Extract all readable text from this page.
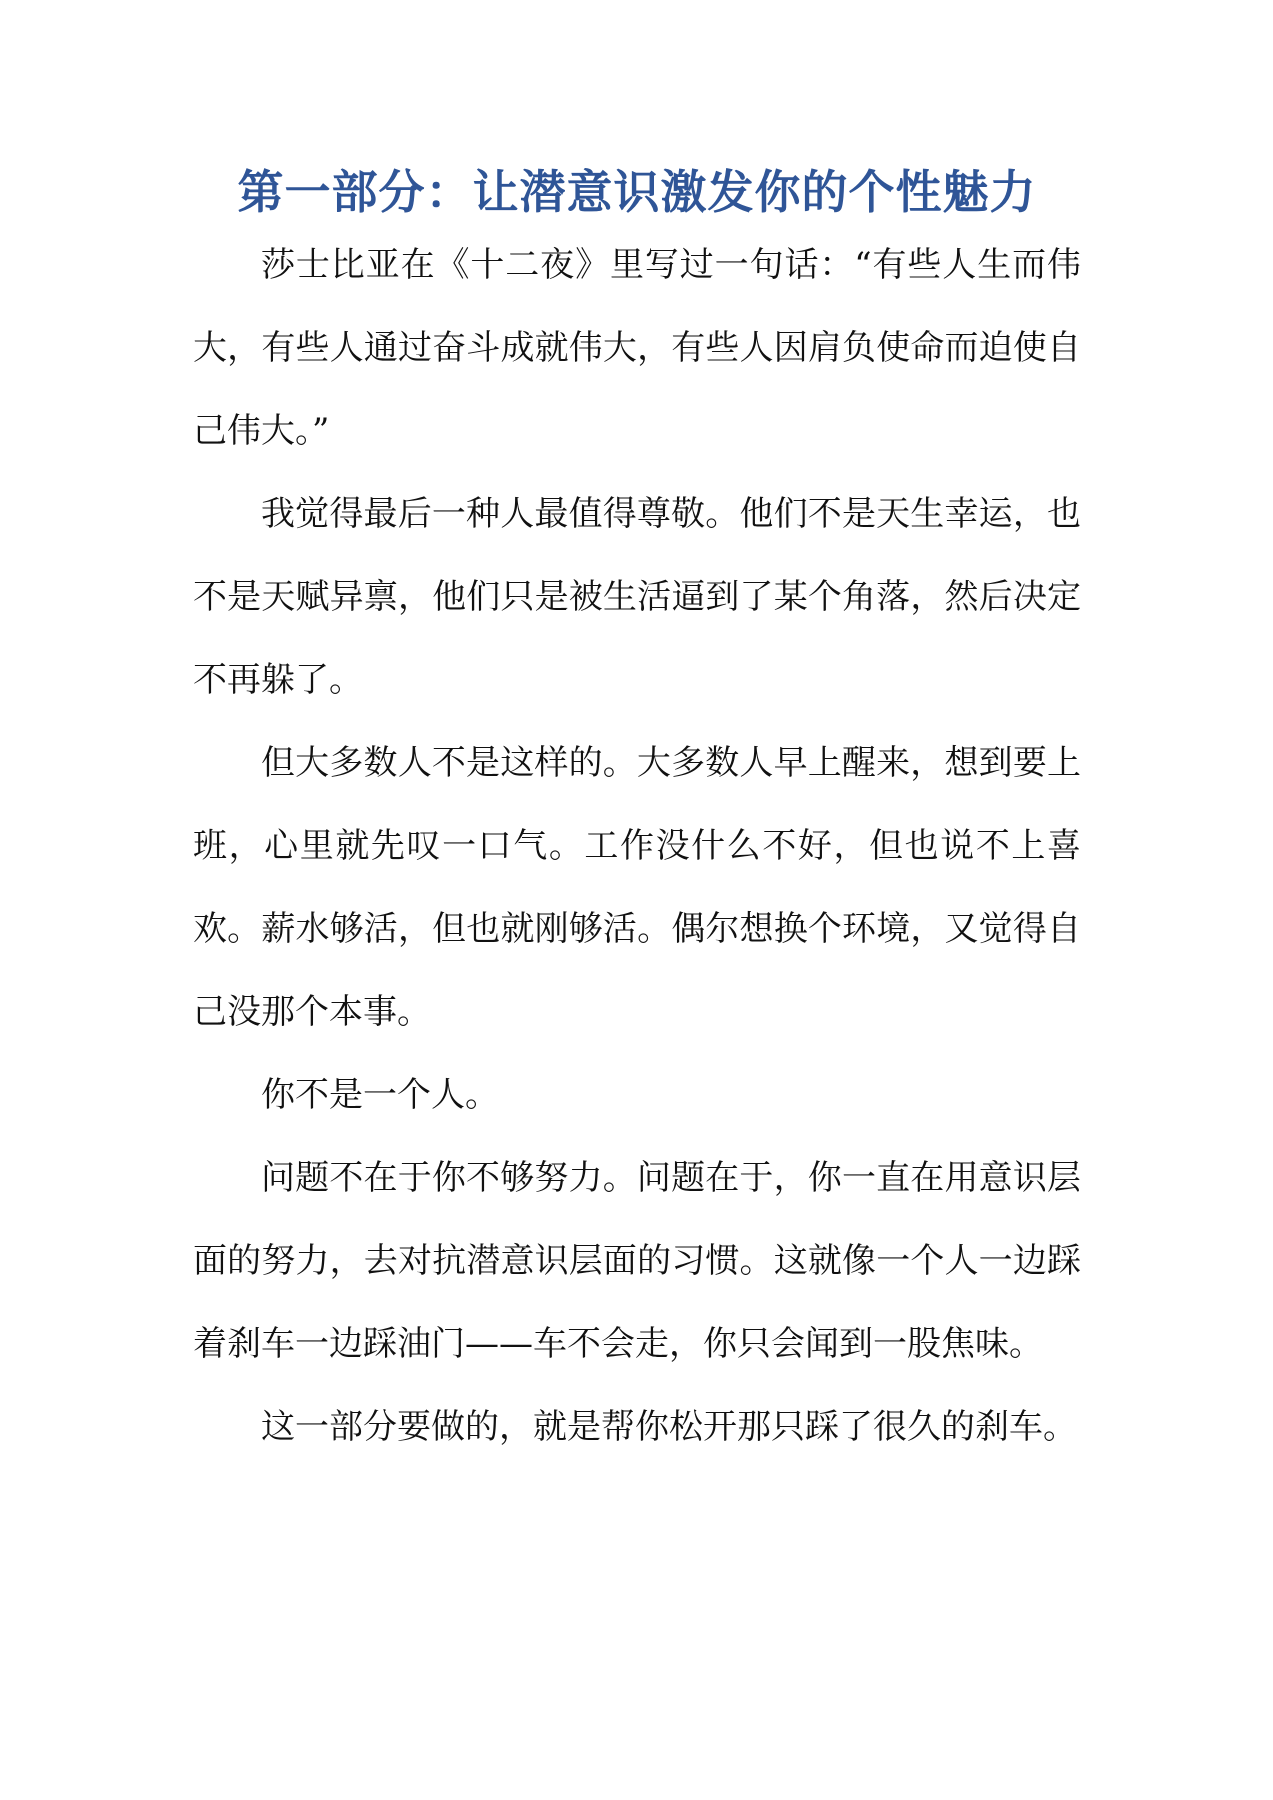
第一部分：让潜意识激发你的个性魅力

莎士比亚在《十二夜》里写过一句话：“有些人生而伟大，有些人通过奋斗成就伟大，有些人因肩负使命而迫使自己伟大。”

我觉得最后一种人最值得尊敬。他们不是天生幸运，也不是天赋异禀，他们只是被生活逼到了某个角落，然后决定不再躲了。

但大多数人不是这样的。大多数人早上醒来，想到要上班，心里就先叹一口气。工作没什么不好，但也说不上喜欢。薪水够活，但也就刚够活。偶尔想换个环境，又觉得自己没那个本事。

你不是一个人。

问题不在于你不够努力。问题在于，你一直在用意识层面的努力，去对抗潜意识层面的习惯。这就像一个人一边踩着刹车一边踩油门——车不会走，你只会闻到一股焦味。

这一部分要做的，就是帮你松开那只踩了很久的刹车。
